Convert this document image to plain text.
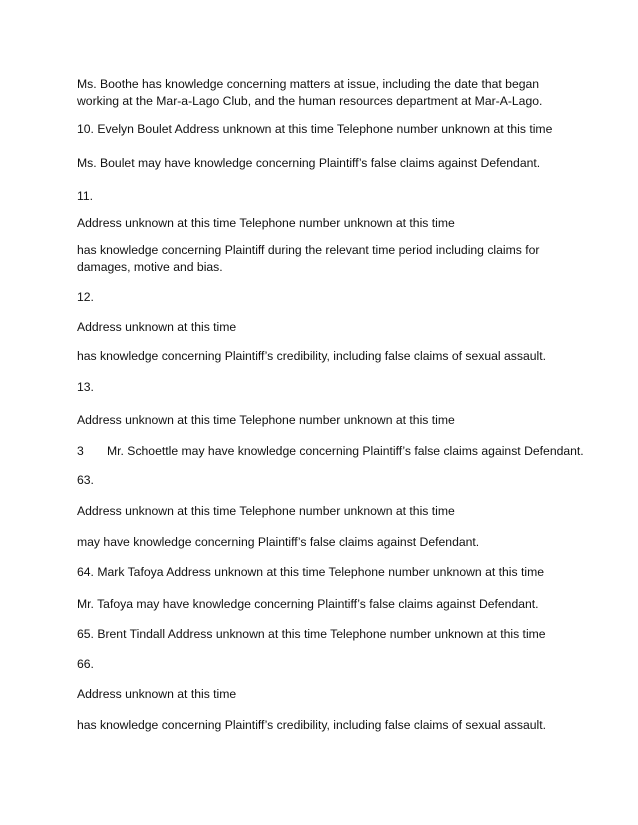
Ms. Boothe has knowledge concerning matters at issue, including the date that began working at the Mar-a-Lago Club, and the human resources department at Mar-A-Lago.
10. Evelyn Boulet Address unknown at this time Telephone number unknown at this time
Ms. Boulet may have knowledge concerning Plaintiff’s false claims against Defendant.
11.
Address unknown at this time Telephone number unknown at this time
has knowledge concerning Plaintiff during the relevant time period including claims for damages, motive and bias.
12.
Address unknown at this time
has knowledge concerning Plaintiff’s credibility, including false claims of sexual assault.
13.
Address unknown at this time Telephone number unknown at this time
3 Mr. Schoettle may have knowledge concerning Plaintiff’s false claims against Defendant.
63.
Address unknown at this time Telephone number unknown at this time
may have knowledge concerning Plaintiff’s false claims against Defendant.
64. Mark Tafoya Address unknown at this time Telephone number unknown at this time
Mr. Tafoya may have knowledge concerning Plaintiff’s false claims against Defendant.
65. Brent Tindall Address unknown at this time Telephone number unknown at this time
66.
Address unknown at this time
has knowledge concerning Plaintiff’s credibility, including false claims of sexual assault.
